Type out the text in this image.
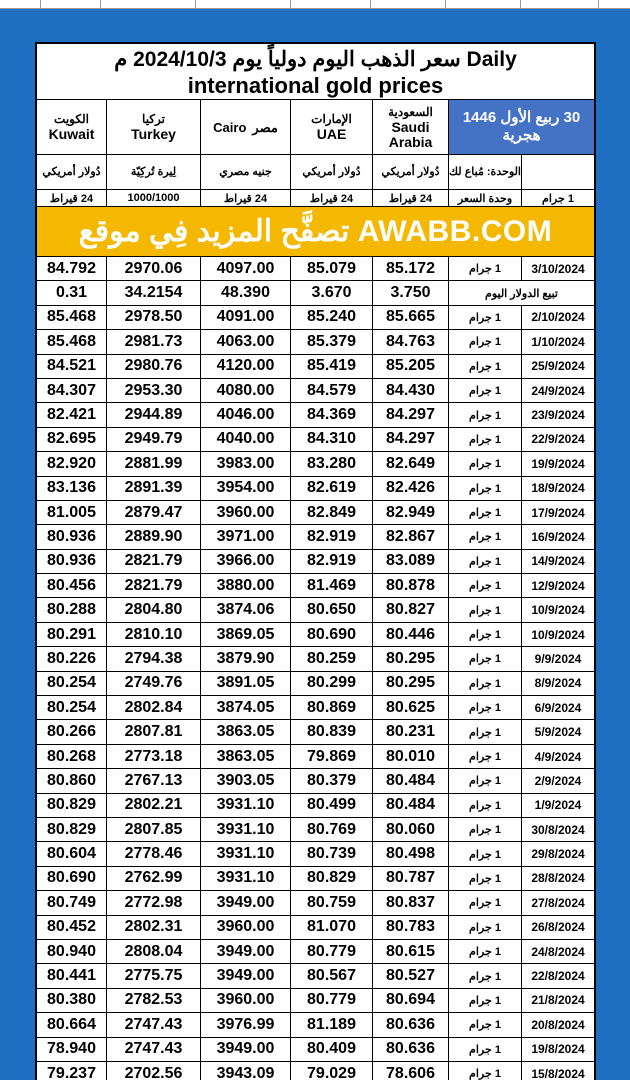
سعر الذهب اليوم دولياً يوم 2024/10/3 م Daily
international gold prices
30 ربيع الأول 1446 هجرية
السعودية
Saudi
Arabia
الإمارات
UAE
مصر
Cairo
تركيا
Turkey
الكويت
Kuwait
الوحدة: مُباع لك
دُولار أمريكي
دُولار أمريكي
جنيه مصري
لِيرة تُركِيّة
دُولار أمريكي
1 جرام
وحدة السعر
24 قيراط
24 قيراط
24 قيراط
1000/1000
24 قيراط
تصفَّح المزيد فِي موقع AWABB.COM
3/10/2024
1 جرام
85.172
85.079
4097.00
2970.06
84.792
تبيع الدولار اليوم
3.750
3.670
48.390
34.2154
0.31
2/10/2024
1 جرام
85.665
85.240
4091.00
2978.50
85.468
1/10/2024
1 جرام
84.763
85.379
4063.00
2981.73
85.468
25/9/2024
1 جرام
85.205
85.419
4120.00
2980.76
84.521
24/9/2024
1 جرام
84.430
84.579
4080.00
2953.30
84.307
23/9/2024
1 جرام
84.297
84.369
4046.00
2944.89
82.421
22/9/2024
1 جرام
84.297
84.310
4040.00
2949.79
82.695
19/9/2024
1 جرام
82.649
83.280
3983.00
2881.99
82.920
18/9/2024
1 جرام
82.426
82.619
3954.00
2891.39
83.136
17/9/2024
1 جرام
82.949
82.849
3960.00
2879.47
81.005
16/9/2024
1 جرام
82.867
82.919
3971.00
2889.90
80.936
14/9/2024
1 جرام
83.089
82.919
3966.00
2821.79
80.936
12/9/2024
1 جرام
80.878
81.469
3880.00
2821.79
80.456
10/9/2024
1 جرام
80.827
80.650
3874.06
2804.80
80.288
10/9/2024
1 جرام
80.446
80.690
3869.05
2810.10
80.291
9/9/2024
1 جرام
80.295
80.259
3879.90
2794.38
80.226
8/9/2024
1 جرام
80.295
80.299
3891.05
2749.76
80.254
6/9/2024
1 جرام
80.625
80.869
3874.05
2802.84
80.254
5/9/2024
1 جرام
80.231
80.839
3863.05
2807.81
80.266
4/9/2024
1 جرام
80.010
79.869
3863.05
2773.18
80.268
2/9/2024
1 جرام
80.484
80.379
3903.05
2767.13
80.860
1/9/2024
1 جرام
80.484
80.499
3931.10
2802.21
80.829
30/8/2024
1 جرام
80.060
80.769
3931.10
2807.85
80.829
29/8/2024
1 جرام
80.498
80.739
3931.10
2778.46
80.604
28/8/2024
1 جرام
80.787
80.829
3931.10
2762.99
80.690
27/8/2024
1 جرام
80.837
80.759
3949.00
2772.98
80.749
26/8/2024
1 جرام
80.783
81.070
3960.00
2802.31
80.452
24/8/2024
1 جرام
80.615
80.779
3949.00
2808.04
80.940
22/8/2024
1 جرام
80.527
80.567
3949.00
2775.75
80.441
21/8/2024
1 جرام
80.694
80.779
3960.00
2782.53
80.380
20/8/2024
1 جرام
80.636
81.189
3976.99
2747.43
80.664
19/8/2024
1 جرام
80.636
80.409
3949.00
2747.43
78.940
15/8/2024
1 جرام
78.606
79.029
3943.09
2702.56
79.237
